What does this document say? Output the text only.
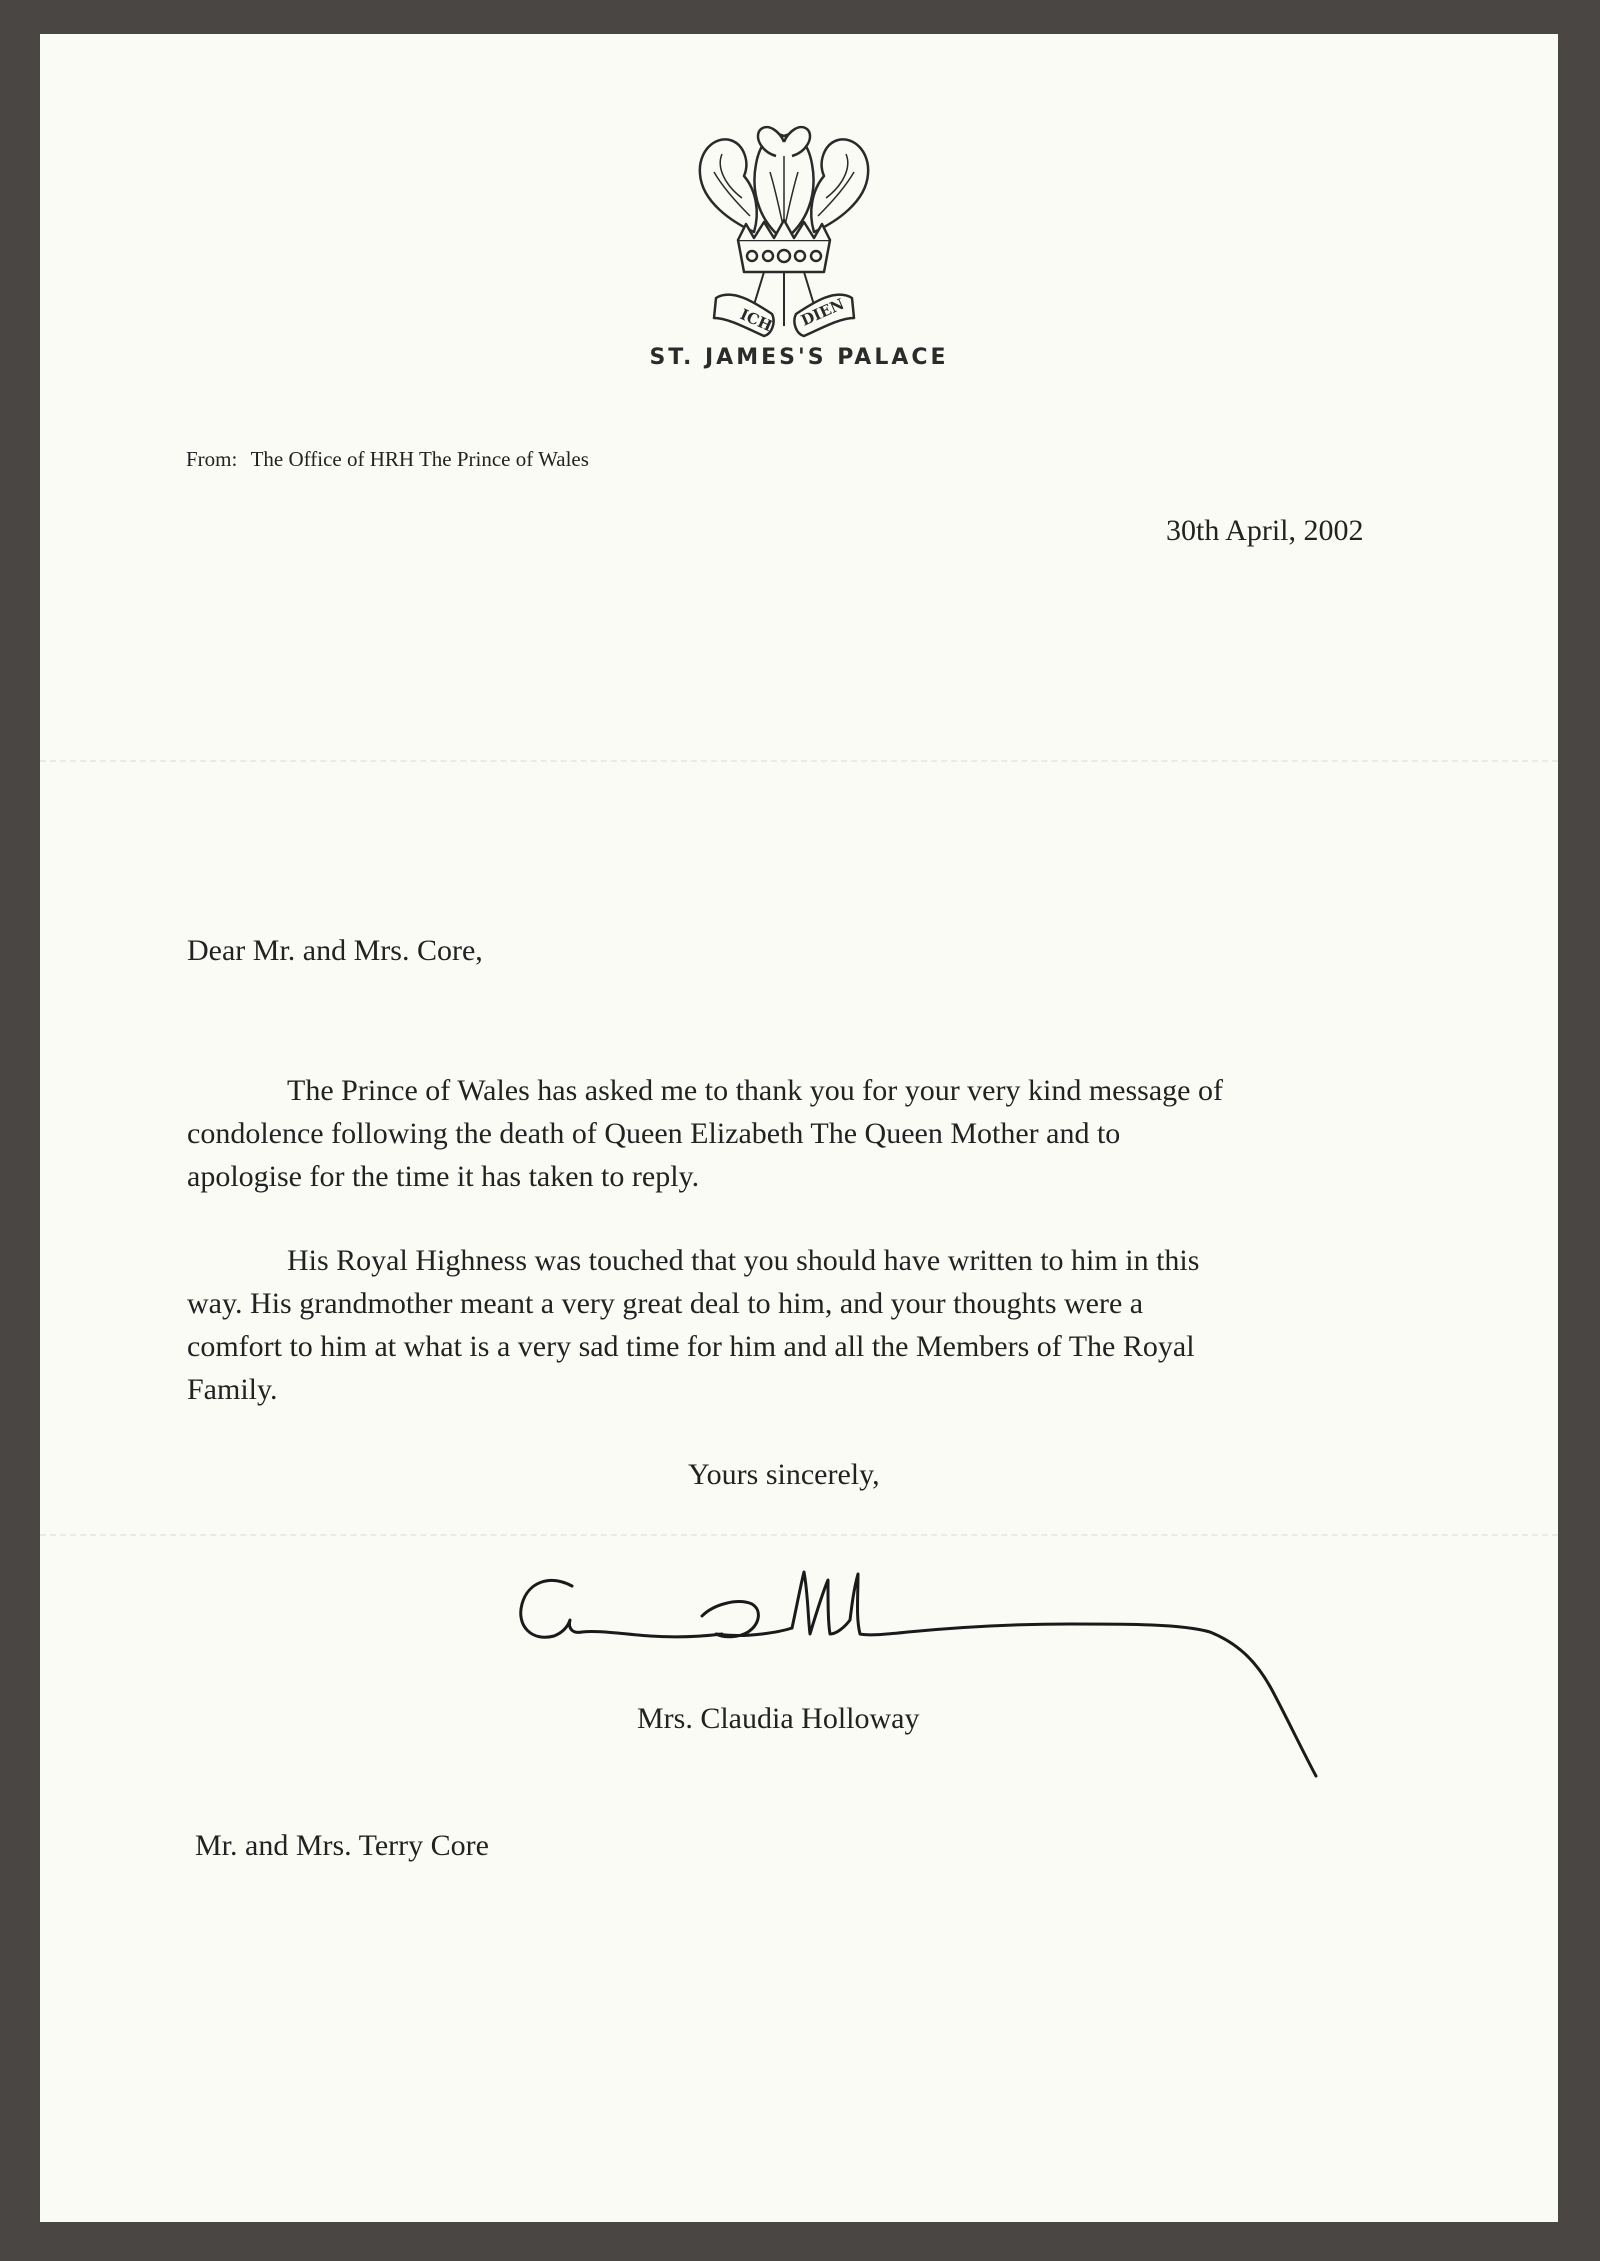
ICH DIEN
ST. JAMES'S PALACE
From: The Office of HRH The Prince of Wales
30th April, 2002
Dear Mr. and Mrs. Core,
The Prince of Wales has asked me to thank you for your very kind message of
condolence following the death of Queen Elizabeth The Queen Mother and to
apologise for the time it has taken to reply.
His Royal Highness was touched that you should have written to him in this
way. His grandmother meant a very great deal to him, and your thoughts were a
comfort to him at what is a very sad time for him and all the Members of The Royal
Family.
Yours sincerely,
Mrs. Claudia Holloway
Mr. and Mrs. Terry Core
